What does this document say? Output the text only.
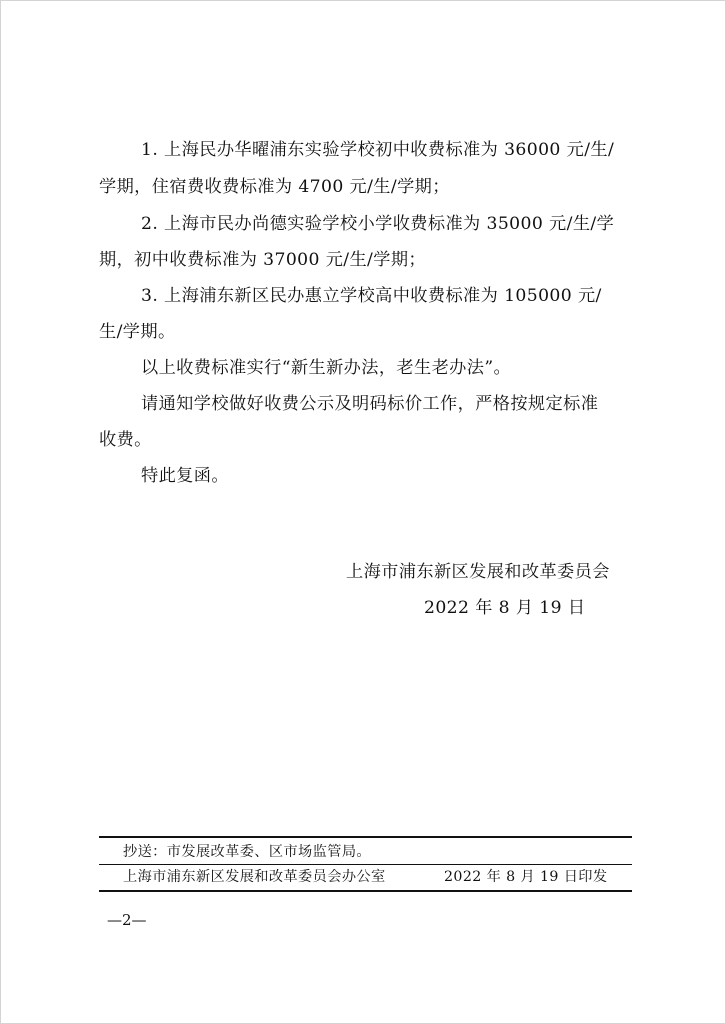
1. 上海民办华曜浦东实验学校初中收费标准为 36000 元/生/
学期，住宿费收费标准为 4700 元/生/学期；
2. 上海市民办尚德实验学校小学收费标准为 35000 元/生/学
期，初中收费标准为 37000 元/生/学期；
3. 上海浦东新区民办惠立学校高中收费标准为 105000 元/
生/学期。
以上收费标准实行“新生新办法，老生老办法”。
请通知学校做好收费公示及明码标价工作，严格按规定标准
收费。
特此复函。
上海市浦东新区发展和改革委员会
2022 年 8 月 19 日
抄送：市发展改革委、区市场监管局。
上海市浦东新区发展和改革委员会办公室	2022 年 8 月 19 日印发
—2—
